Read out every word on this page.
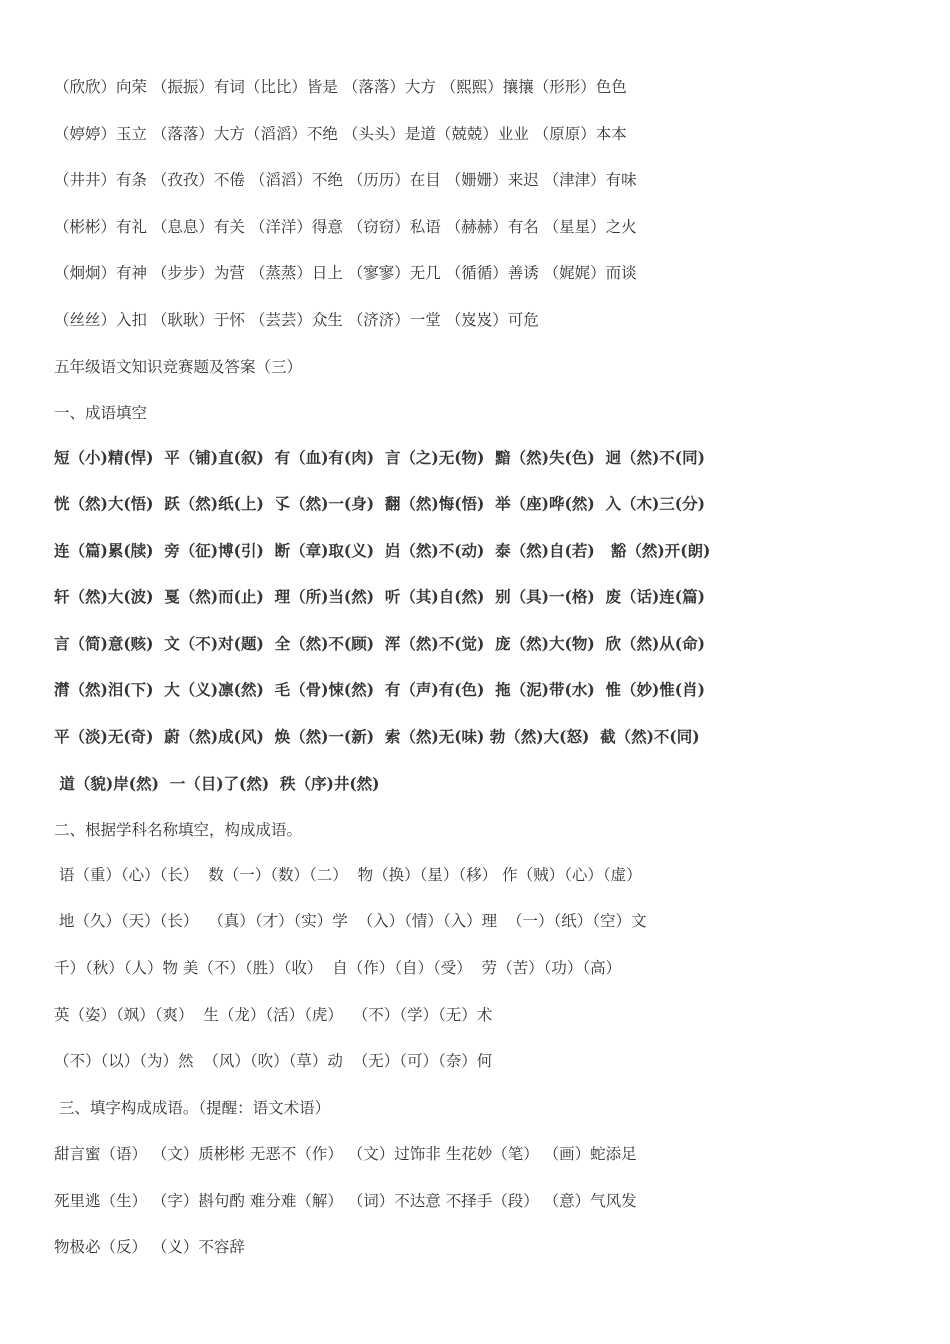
（欣欣）向荣 （振振）有词（比比）皆是 （落落）大方 （熙熙）攘攘（形形）色色
（婷婷）玉立 （落落）大方（滔滔）不绝 （头头）是道（兢兢）业业 （原原）本本
（井井）有条 （孜孜）不倦 （滔滔）不绝 （历历）在目 （姗姗）来迟 （津津）有味
（彬彬）有礼 （息息）有关 （洋洋）得意 （窃窃）私语 （赫赫）有名 （星星）之火
（炯炯）有神 （步步）为营 （蒸蒸）日上 （寥寥）无几 （循循）善诱 （娓娓）而谈
（丝丝）入扣 （耿耿）于怀 （芸芸）众生 （济济）一堂 （岌岌）可危
五年级语文知识竞赛题及答案（三）
一、成语填空
短（小)精(悍)  平（铺)直(叙)  有（血)有(肉)  言（之)无(物)  黯（然)失(色)  迥（然)不(同)
恍（然)大(悟)  跃（然)纸(上)  孓（然)一(身)  翻（然)悔(悟)  举（座)哗(然)  入（木)三(分)
连（篇)累(牍)  旁（征)博(引)  断（章)取(义)  岿（然)不(动)  泰（然)自(若)   豁（然)开(朗)
轩（然)大(波)  戛（然)而(止)  理（所)当(然)  听（其)自(然)  别（具)一(格)  废（话)连(篇)
言（简)意(赅)  文（不)对(题)  全（然)不(顾)  浑（然)不(觉)  庞（然)大(物)  欣（然)从(命)
潸（然)泪(下)  大（义)凛(然)  毛（骨)悚(然)  有（声)有(色)  拖（泥)带(水)  惟（妙)惟(肖)
平（淡)无(奇)  蔚（然)成(风)  焕（然)一(新)  索（然)无(味) 勃（然)大(怒)  截（然)不(同)
道（貌)岸(然)  一（目)了(然)  秩（序)井(然)
二、根据学科名称填空，构成成语。
语（重）（心）（长）  数（一）（数）（二）  物（换）（星）（移） 作（贼）（心）（虚）
地（久）（天）（长）  （真）（才）（实）学  （入）（情）（入）理  （一）（纸）（空）文
千）（秋）（人）物 美（不）（胜）（收）  自（作）（自）（受）  劳（苦）（功）（高）
英（姿）（飒）（爽）  生（龙）（活）（虎）  （不）（学）（无）术
（不）（以）（为）然  （风）（吹）（草）动  （无）（可）（奈）何
三、填字构成成语。（提醒：语文术语）
甜言蜜（语） （文）质彬彬 无恶不（作） （文）过饰非 生花妙（笔） （画）蛇添足
死里逃（生） （字）斟句酌 难分难（解） （词）不达意 不择手（段） （意）气风发
物极必（反） （义）不容辞
